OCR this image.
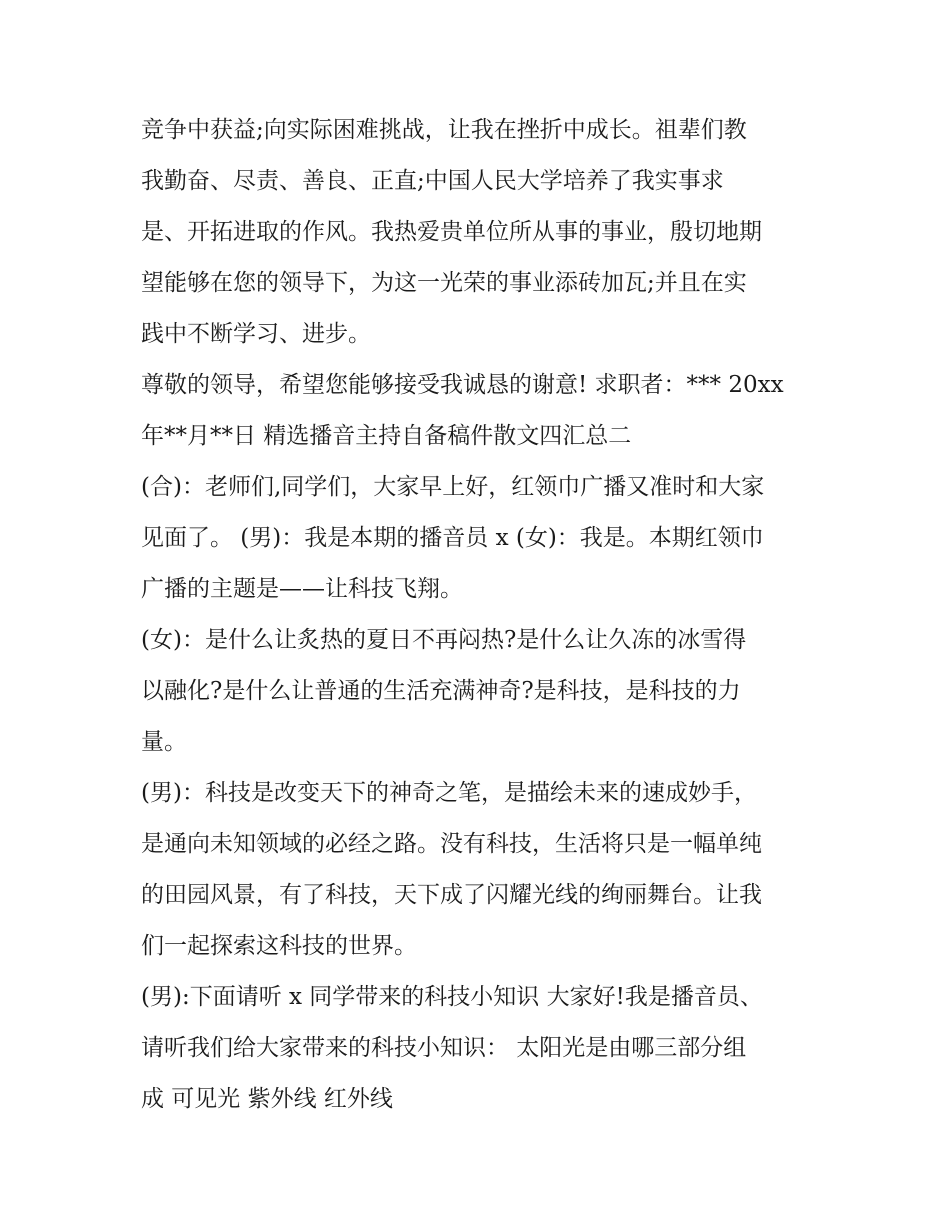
竞争中获益;向实际困难挑战，让我在挫折中成长。祖辈们教
我勤奋、尽责、善良、正直;中国人民大学培养了我实事求
是、开拓进取的作风。我热爱贵单位所从事的事业，殷切地期
望能够在您的领导下，为这一光荣的事业添砖加瓦;并且在实
践中不断学习、进步。
尊敬的领导，希望您能够接受我诚恳的谢意! 求职者：*** 20xx
年**月**日 精选播音主持自备稿件散文四汇总二
(合)：老师们,同学们，大家早上好，红领巾广播又准时和大家
见面了。 (男)：我是本期的播音员 x (女)：我是。本期红领巾
广播的主题是——让科技飞翔。
(女)：是什么让炙热的夏日不再闷热?是什么让久冻的冰雪得
以融化?是什么让普通的生活充满神奇?是科技，是科技的力
量。
(男)：科技是改变天下的神奇之笔，是描绘未来的速成妙手，
是通向未知领域的必经之路。没有科技，生活将只是一幅单纯
的田园风景，有了科技，天下成了闪耀光线的绚丽舞台。让我
们一起探索这科技的世界。
(男):下面请听 x 同学带来的科技小知识 大家好!我是播音员、
请听我们给大家带来的科技小知识： 太阳光是由哪三部分组
成 可见光 紫外线 红外线
